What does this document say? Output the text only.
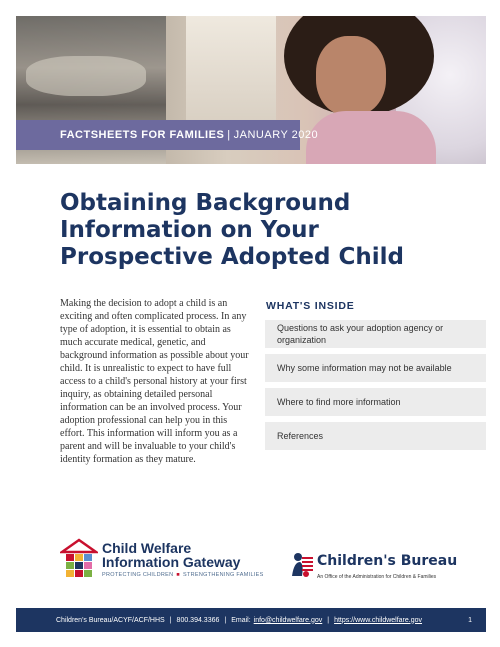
FACTSHEETS FOR FAMILIES | JANUARY 2020
Obtaining Background Information on Your Prospective Adopted Child

Making the decision to adopt a child is an exciting and often complicated process. In any type of adoption, it is essential to obtain as much accurate medical, genetic, and background information as possible about your child. It is unrealistic to expect to have full access to a child's personal history at your first inquiry, as obtaining detailed personal information can be an involved process. Your adoption professional can help you in this effort. This information will inform you as a parent and will be invaluable to your child's identity formation as they mature.

WHAT'S INSIDE
Questions to ask your adoption agency or organization
Why some information may not be available
Where to find more information
References
Child Welfare
Information Gateway
PROTECTING CHILDREN ■ STRENGTHENING FAMILIES
Children's Bureau
An Office of the Administration for Children & Families
Children's Bureau/ACYF/ACF/HHS | 800.394.3366 | Email: info@childwelfare.gov | https://www.childwelfare.gov	1
